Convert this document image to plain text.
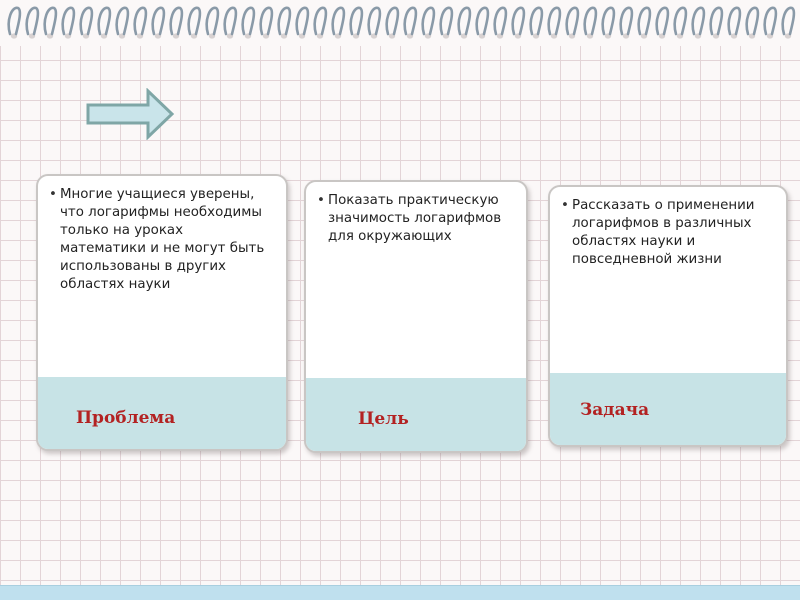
• Многие учащиеся уверены, что логарифмы необходимы только на уроках математики и не могут быть использованы в других областях науки
Проблема
• Показать практическую значимость логарифмов для окружающих
Цель
• Рассказать о применении логарифмов в различных областях науки и повседневной жизни
Задача
